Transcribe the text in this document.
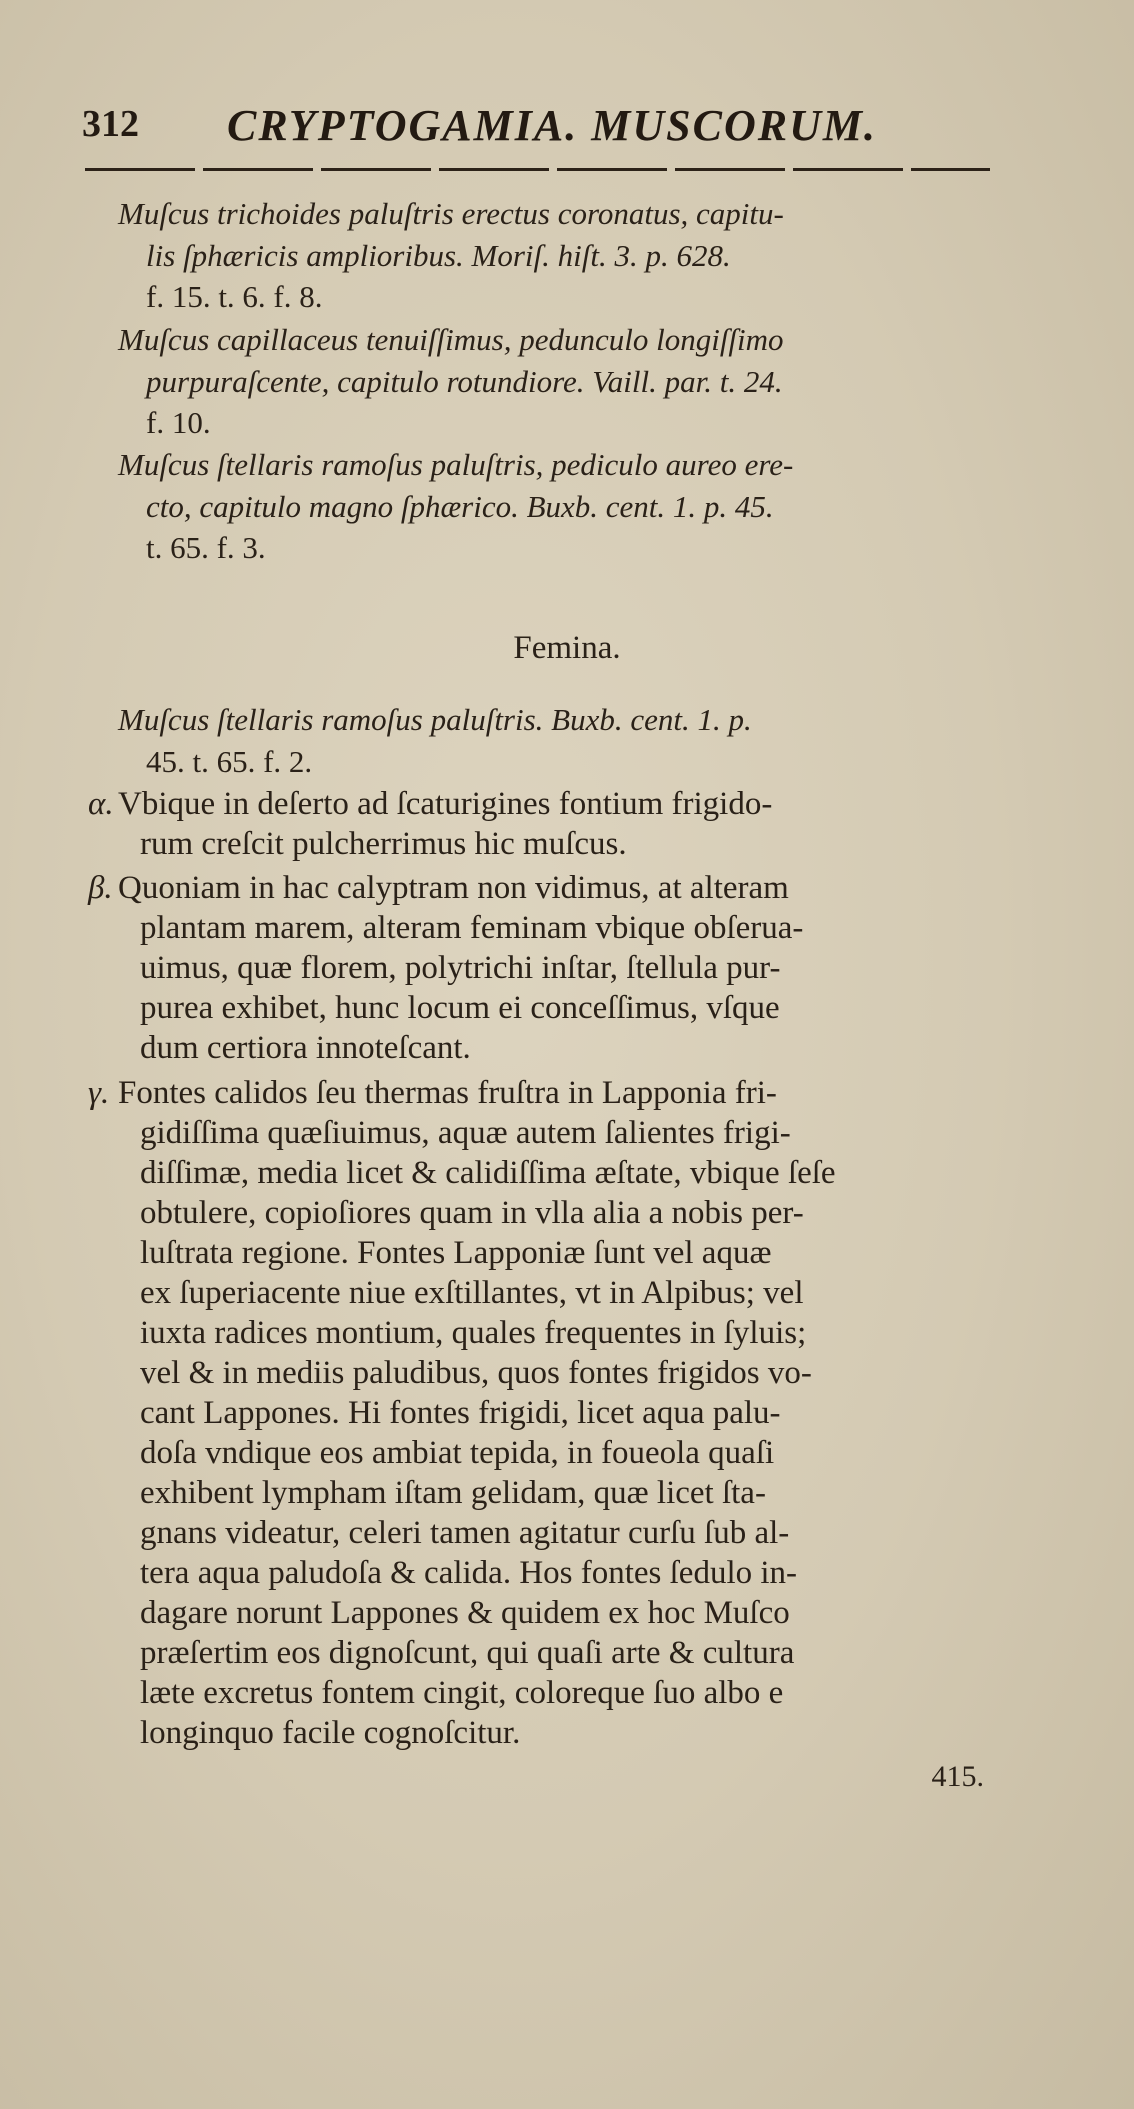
312 CRYPTOGAMIA. MUSCORUM.
Muſcus trichoides paluſtris erectus coronatus, capitu-
lis ſphæricis amplioribus. Moriſ. hiſt. 3. p. 628.
f. 15. t. 6. f. 8.
Muſcus capillaceus tenuiſſimus, pedunculo longiſſimo
purpuraſcente, capitulo rotundiore. Vaill. par. t. 24.
f. 10.
Muſcus ſtellaris ramoſus paluſtris, pediculo aureo ere-
cto, capitulo magno ſphærico. Buxb. cent. 1. p. 45.
t. 65. f. 3.
Femina.
Muſcus ſtellaris ramoſus paluſtris. Buxb. cent. 1. p.
45. t. 65. f. 2.
α. Vbique in deſerto ad ſcaturigines fontium frigido-
rum creſcit pulcherrimus hic muſcus.
β. Quoniam in hac calyptram non vidimus, at alteram
plantam marem, alteram feminam vbique obſerua-
uimus, quæ florem, polytrichi inſtar, ſtellula pur-
purea exhibet, hunc locum ei conceſſimus, vſque
dum certiora innoteſcant.
γ. Fontes calidos ſeu thermas fruſtra in Lapponia fri-
gidiſſima quæſiuimus, aquæ autem ſalientes frigi-
diſſimæ, media licet & calidiſſima æſtate, vbique ſeſe
obtulere, copioſiores quam in vlla alia a nobis per-
luſtrata regione. Fontes Lapponiæ ſunt vel aquæ
ex ſuperiacente niue exſtillantes, vt in Alpibus; vel
iuxta radices montium, quales frequentes in ſyluis;
vel & in mediis paludibus, quos fontes frigidos vo-
cant Lappones. Hi fontes frigidi, licet aqua palu-
doſa vndique eos ambiat tepida, in foueola quaſi
exhibent lympham iſtam gelidam, quæ licet ſta-
gnans videatur, celeri tamen agitatur curſu ſub al-
tera aqua paludoſa & calida. Hos fontes ſedulo in-
dagare norunt Lappones & quidem ex hoc Muſco
præſertim eos dignoſcunt, qui quaſi arte & cultura
læte excretus fontem cingit, coloreque ſuo albo e
longinquo facile cognoſcitur.
415.
